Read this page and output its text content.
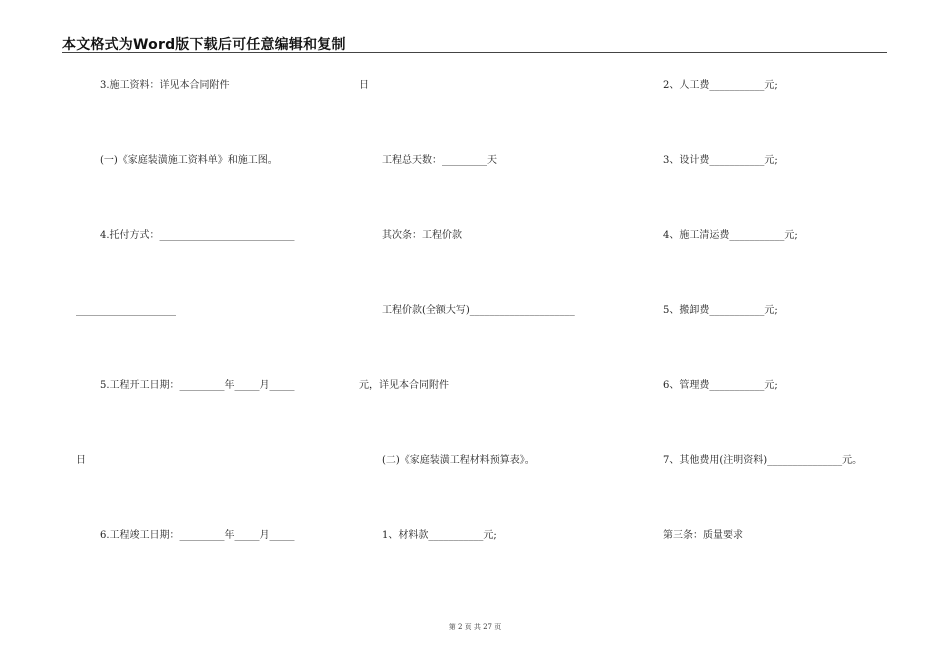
本文格式为Word版下载后可任意编辑和复制
3.施工资料：详见本合同附件
(一)《家庭装潢施工资料单》和施工图。
4.托付方式：___________________________
____________________
5.工程开工日期：_________年_____月_____
日
6.工程竣工日期：_________年_____月_____
日
工程总天数：_________天
其次条：工程价款
工程价款(全额大写)_____________________
元，详见本合同附件
(二)《家庭装潢工程材料预算表》。
1、材料款___________元;
2、人工费___________元;
3、设计费___________元;
4、施工清运费___________元;
5、搬卸费___________元;
6、管理费___________元;
7、其他费用(注明资料)_______________元。
第三条：质量要求
第 2 页 共 27 页
